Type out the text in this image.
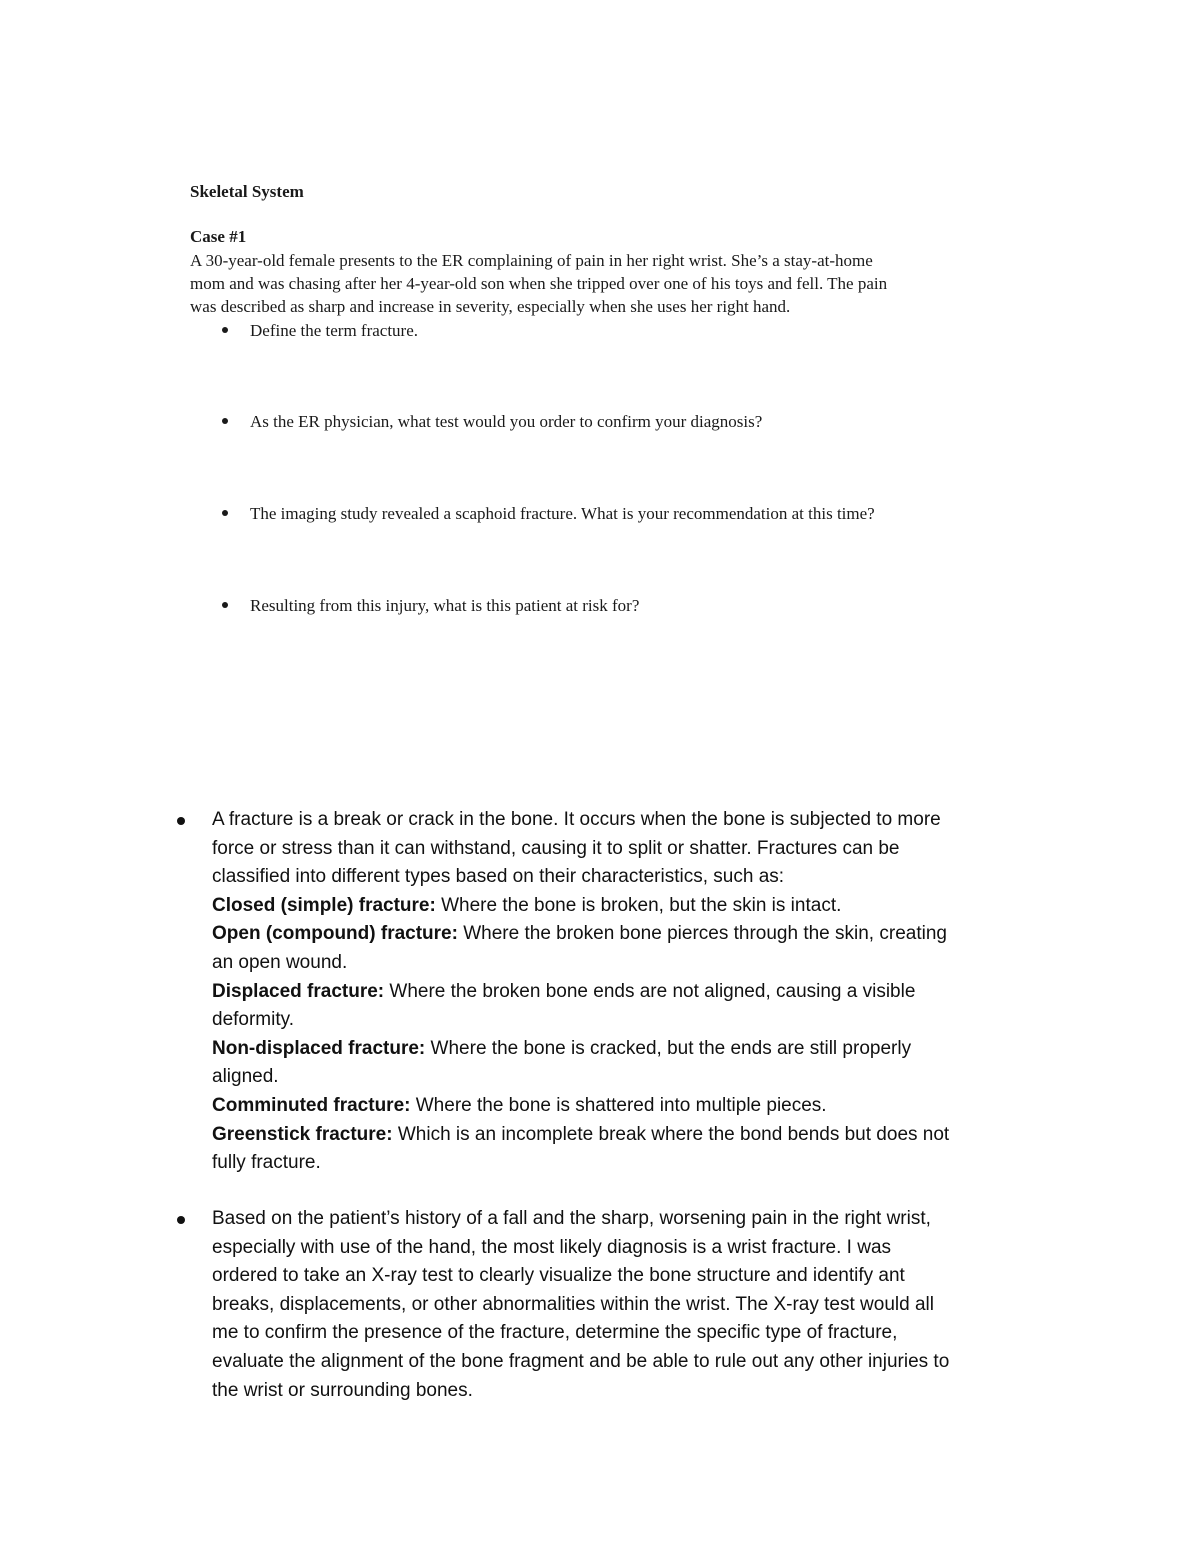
Skeletal System
Case #1

A 30-year-old female presents to the ER complaining of pain in her right wrist. She’s a stay-at-home
mom and was chasing after her 4-year-old son when she tripped over one of his toys and fell. The pain
was described as sharp and increase in severity, especially when she uses her right hand.

Define the term fracture.
As the ER physician, what test would you order to confirm your diagnosis?
The imaging study revealed a scaphoid fracture. What is your recommendation at this time?
Resulting from this injury, what is this patient at risk for?
A fracture is a break or crack in the bone. It occurs when the bone is subjected to more
force or stress than it can withstand, causing it to split or shatter. Fractures can be
classified into different types based on their characteristics, such as:
Closed (simple) fracture: Where the bone is broken, but the skin is intact.
Open (compound) fracture: Where the broken bone pierces through the skin, creating
an open wound.
Displaced fracture: Where the broken bone ends are not aligned, causing a visible
deformity.
Non-displaced fracture: Where the bone is cracked, but the ends are still properly
aligned.
Comminuted fracture: Where the bone is shattered into multiple pieces.
Greenstick fracture: Which is an incomplete break where the bond bends but does not
fully fracture.
Based on the patient’s history of a fall and the sharp, worsening pain in the right wrist,
especially with use of the hand, the most likely diagnosis is a wrist fracture. I was
ordered to take an X-ray test to clearly visualize the bone structure and identify ant
breaks, displacements, or other abnormalities within the wrist. The X-ray test would all
me to confirm the presence of the fracture, determine the specific type of fracture,
evaluate the alignment of the bone fragment and be able to rule out any other injuries to
the wrist or surrounding bones.
